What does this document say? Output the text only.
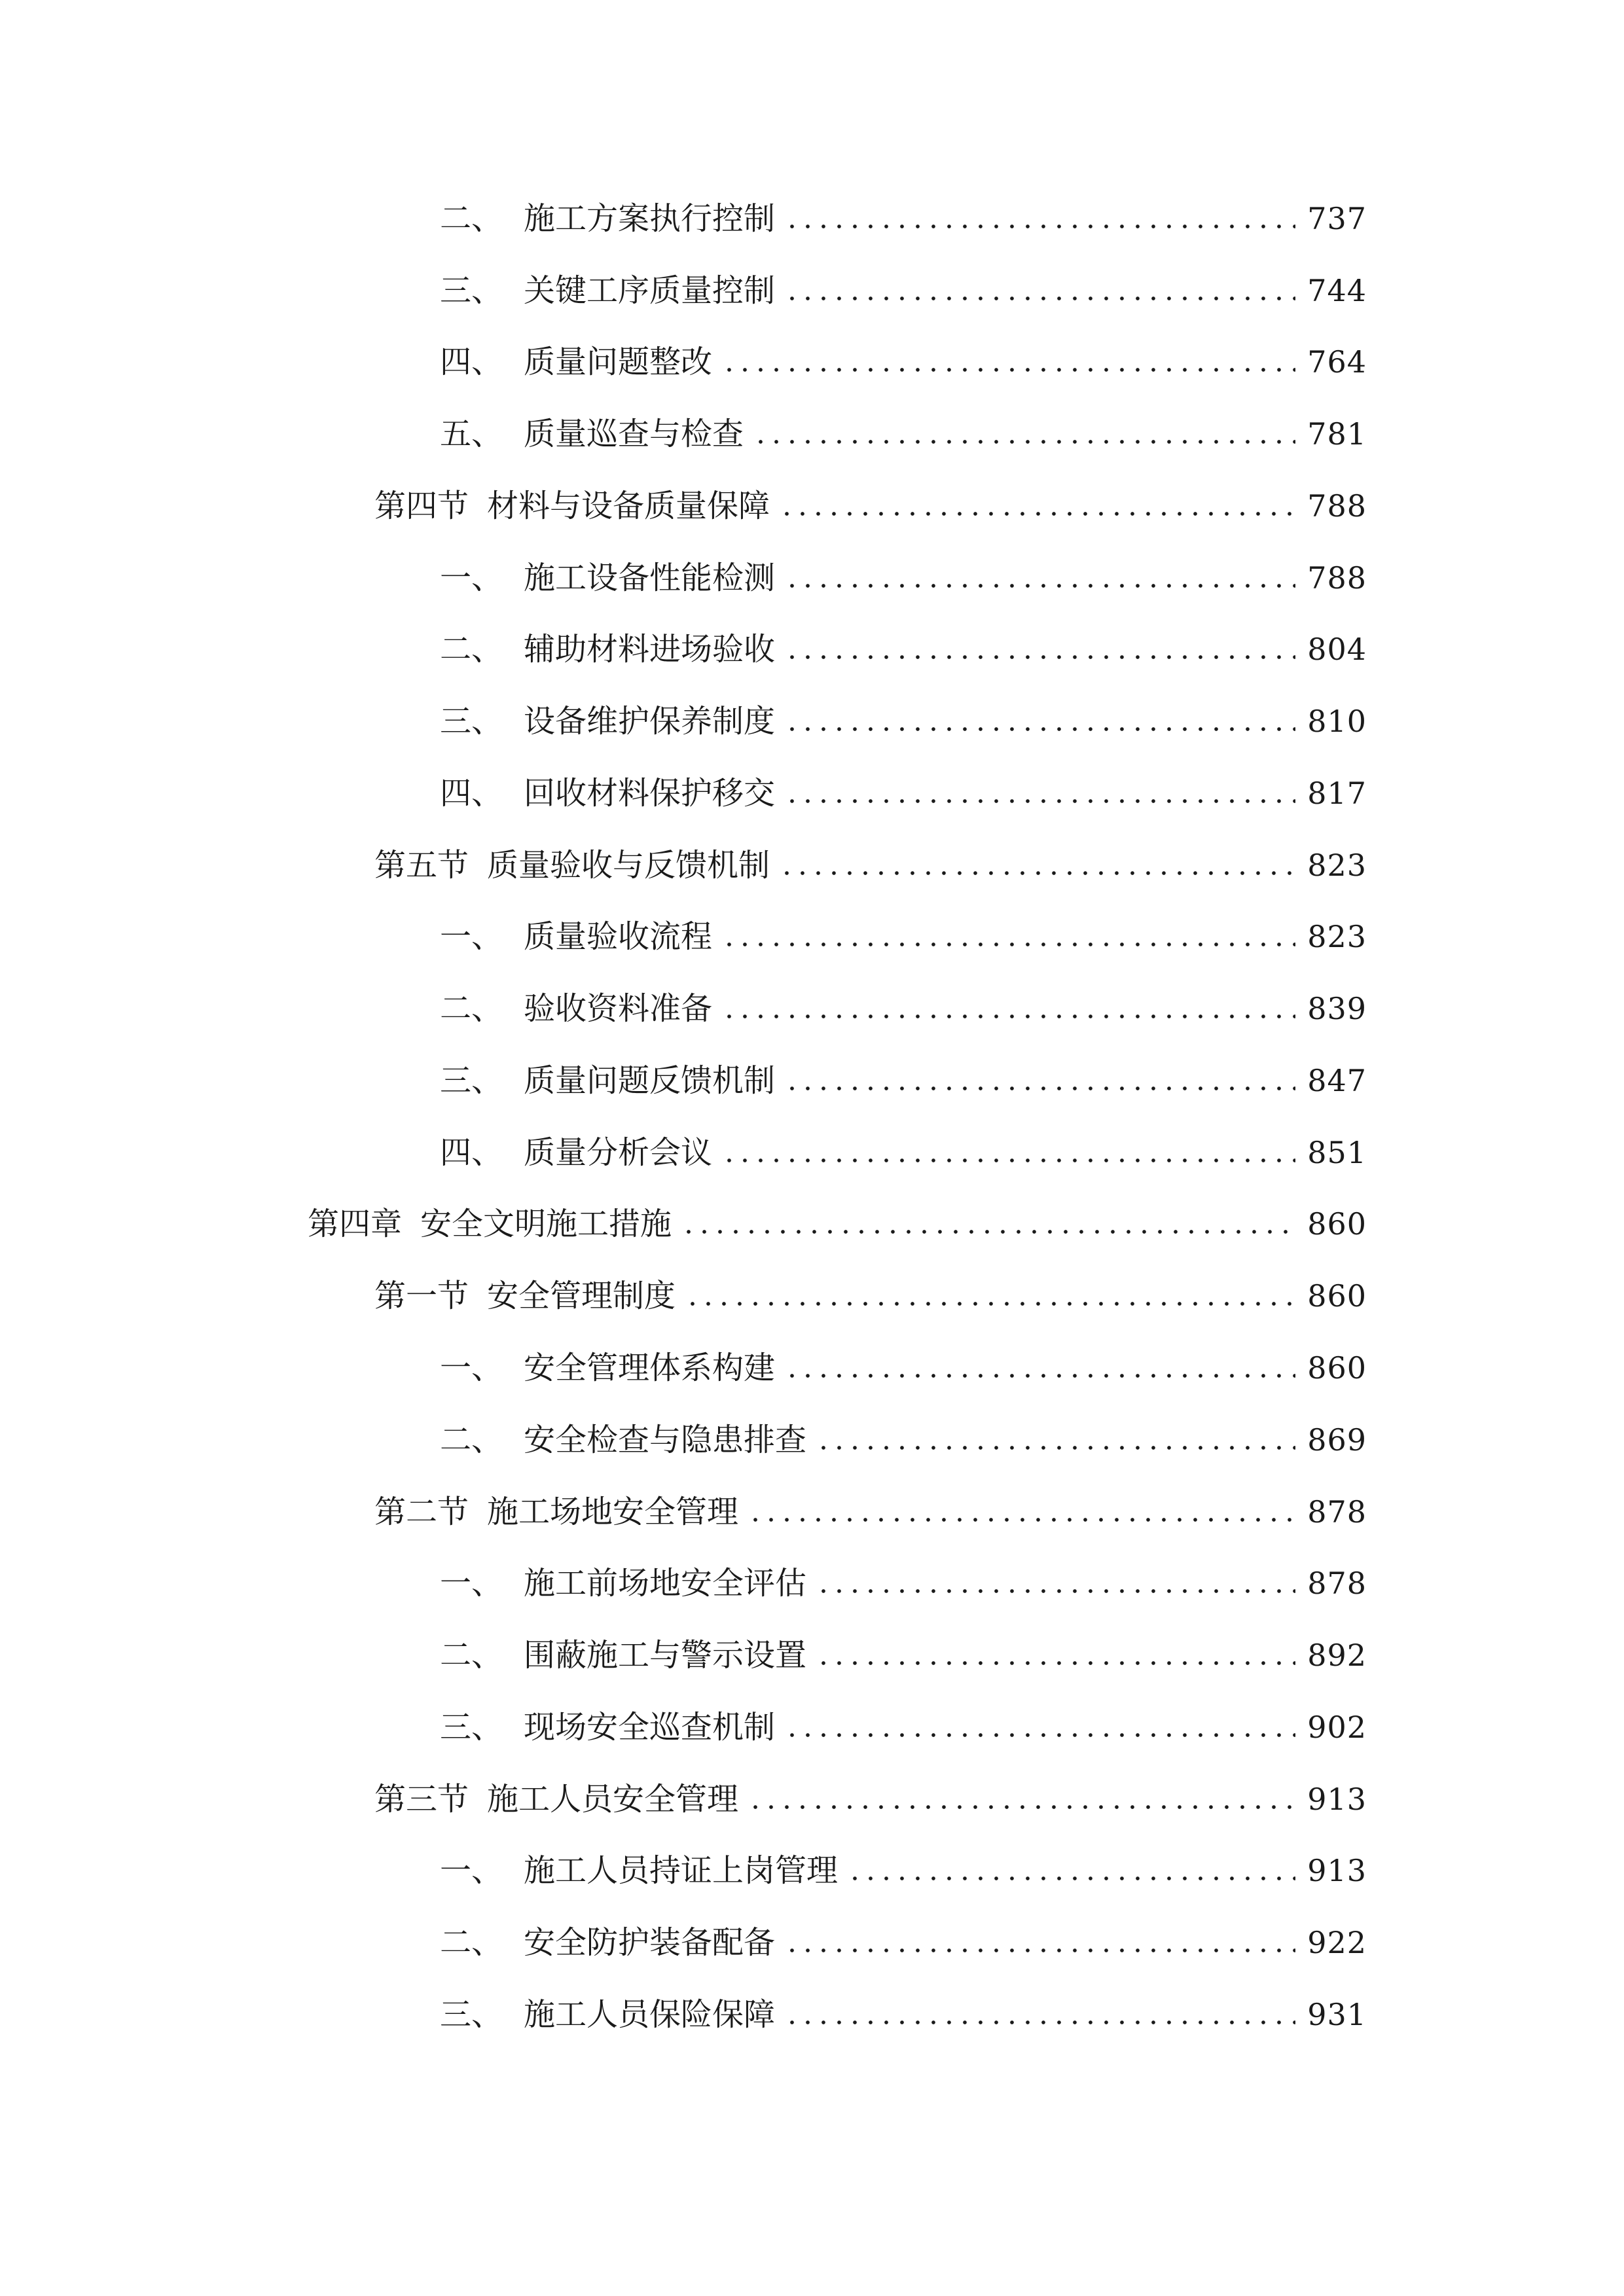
二、 施工方案执行控制	737
三、 关键工序质量控制	744
四、 质量问题整改	764
五、 质量巡查与检查	781
第四节 材料与设备质量保障	788
一、 施工设备性能检测	788
二、 辅助材料进场验收	804
三、 设备维护保养制度	810
四、 回收材料保护移交	817
第五节 质量验收与反馈机制	823
一、 质量验收流程	823
二、 验收资料准备	839
三、 质量问题反馈机制	847
四、 质量分析会议	851
第四章 安全文明施工措施	860
第一节 安全管理制度	860
一、 安全管理体系构建	860
二、 安全检查与隐患排查	869
第二节 施工场地安全管理	878
一、 施工前场地安全评估	878
二、 围蔽施工与警示设置	892
三、 现场安全巡查机制	902
第三节 施工人员安全管理	913
一、 施工人员持证上岗管理	913
二、 安全防护装备配备	922
三、 施工人员保险保障	931
